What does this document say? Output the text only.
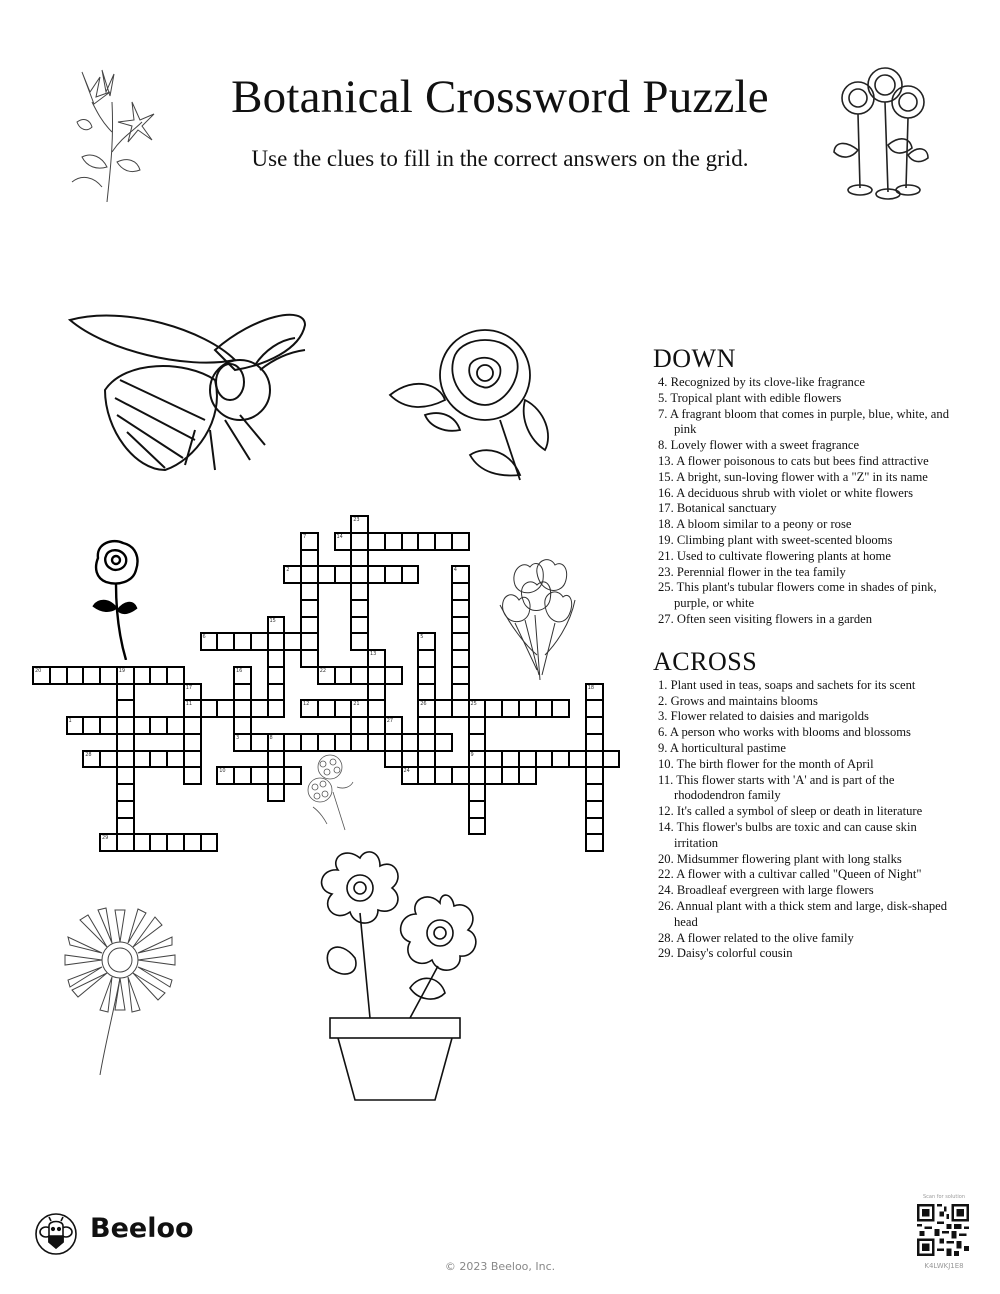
Botanical Crossword Puzzle
Use the clues to fill in the correct answers on the grid.
1
2
3	8
6
9
10
11	12	21
14
20	19	22
24
26	25
28
29
4
5
7
13
15
16
17	18
23
27
DOWN
4. Recognized by its clove-like fragrance
5. Tropical plant with edible flowers
7. A fragrant bloom that comes in purple, blue, white, and pink
8. Lovely flower with a sweet fragrance
13. A flower poisonous to cats but bees find attractive
15. A bright, sun-loving flower with a "Z" in its name
16. A deciduous shrub with violet or white flowers
17. Botanical sanctuary
18. A bloom similar to a peony or rose
19. Climbing plant with sweet-scented blooms
21. Used to cultivate flowering plants at home
23. Perennial flower in the tea family
25. This plant's tubular flowers come in shades of pink, purple, or white
27. Often seen visiting flowers in a garden
ACROSS
1. Plant used in teas, soaps and sachets for its scent
2. Grows and maintains blooms
3. Flower related to daisies and marigolds
6. A person who works with blooms and blossoms
9. A horticultural pastime
10. The birth flower for the month of April
11. This flower starts with 'A' and is part of the rhododendron family
12. It's called a symbol of sleep or death in literature
14. This flower's bulbs are toxic and can cause skin irritation
20. Midsummer flowering plant with long stalks
22. A flower with a cultivar called "Queen of Night"
24. Broadleaf evergreen with large flowers
26. Annual plant with a thick stem and large, disk-shaped head
28. A flower related to the olive family
29. Daisy's colorful cousin
Beeloo
© 2023 Beeloo, Inc.
Scan for solution
K4LWKJ1E8
